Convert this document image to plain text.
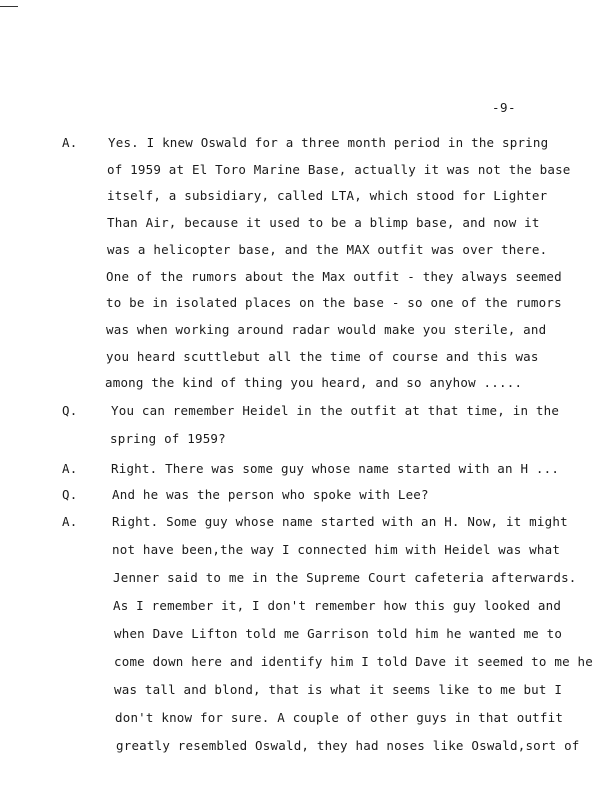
-9-
A. Yes. I knew Oswald for a three month period in the spring
of 1959 at El Toro Marine Base, actually it was not the base
itself, a subsidiary, called LTA, which stood for Lighter
Than Air, because it used to be a blimp base, and now it
was a helicopter base, and the MAX outfit was over there.
One of the rumors about the Max outfit - they always seemed
to be in isolated places on the base - so one of the rumors
was when working around radar would make you sterile, and
you heard scuttlebut all the time of course and this was
among the kind of thing you heard, and so anyhow .....
Q.	You can remember Heidel in the outfit at that time, in the
spring of 1959?
A.	Right. There was some guy whose name started with an H ...
Q.	And he was the person who spoke with Lee?
A.	Right. Some guy whose name started with an H. Now, it might
not have been,the way I connected him with Heidel was what
Jenner said to me in the Supreme Court cafeteria afterwards.
As I remember it, I don't remember how this guy looked and
when Dave Lifton told me Garrison told him he wanted me to
come down here and identify him I told Dave it seemed to me he
was tall and blond, that is what it seems like to me but I
don't know for sure. A couple of other guys in that outfit
greatly resembled Oswald, they had noses like Oswald,sort of
